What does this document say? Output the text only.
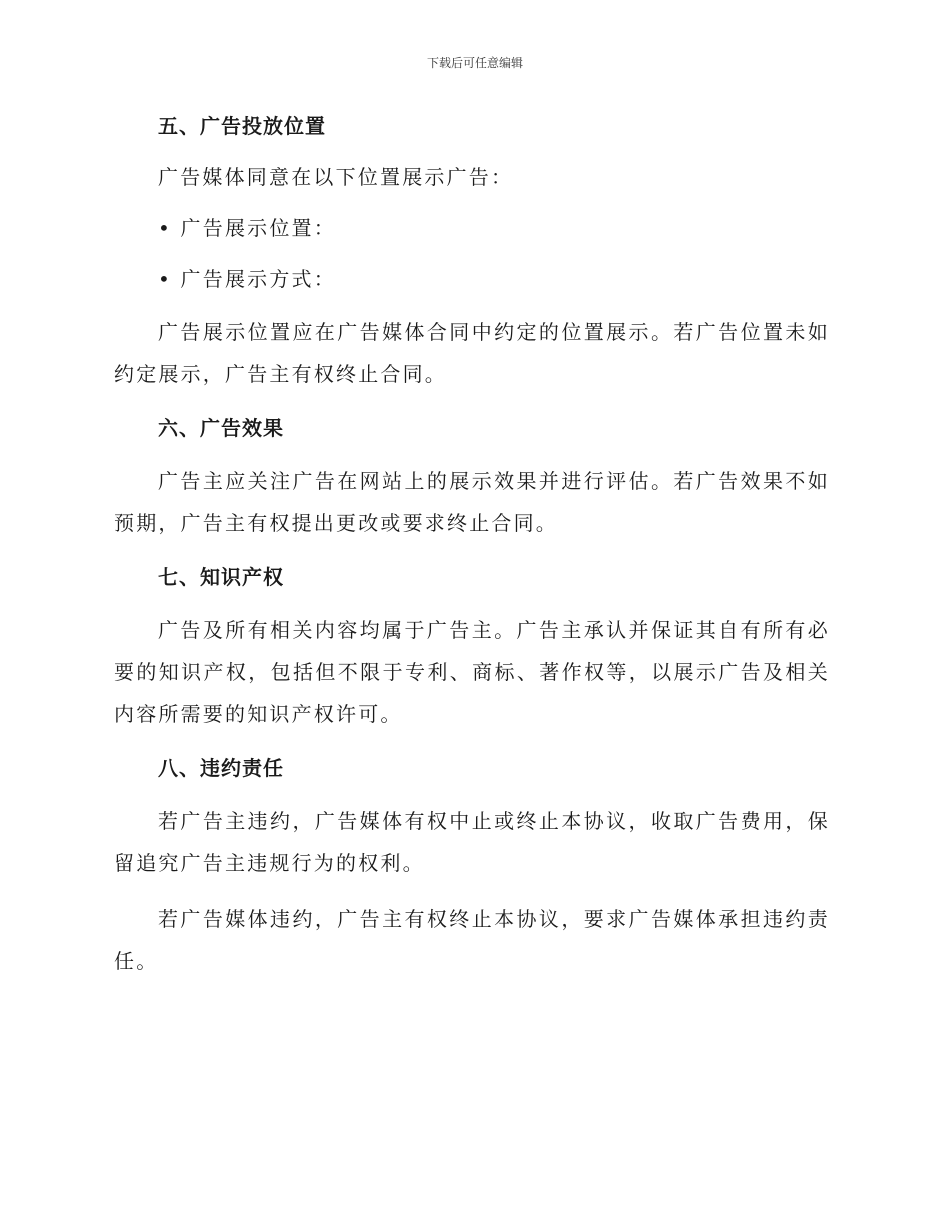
下载后可任意编辑
五、广告投放位置

广告媒体同意在以下位置展示广告：

• 广告展示位置：

• 广告展示方式：

广告展示位置应在广告媒体合同中约定的位置展示。若广告位置未如约定展示，广告主有权终止合同。

六、广告效果

广告主应关注广告在网站上的展示效果并进行评估。若广告效果不如预期，广告主有权提出更改或要求终止合同。

七、知识产权

广告及所有相关内容均属于广告主。广告主承认并保证其自有所有必要的知识产权，包括但不限于专利、商标、著作权等，以展示广告及相关内容所需要的知识产权许可。

八、违约责任

若广告主违约，广告媒体有权中止或终止本协议，收取广告费用，保留追究广告主违规行为的权利。

若广告媒体违约，广告主有权终止本协议，要求广告媒体承担违约责任。
